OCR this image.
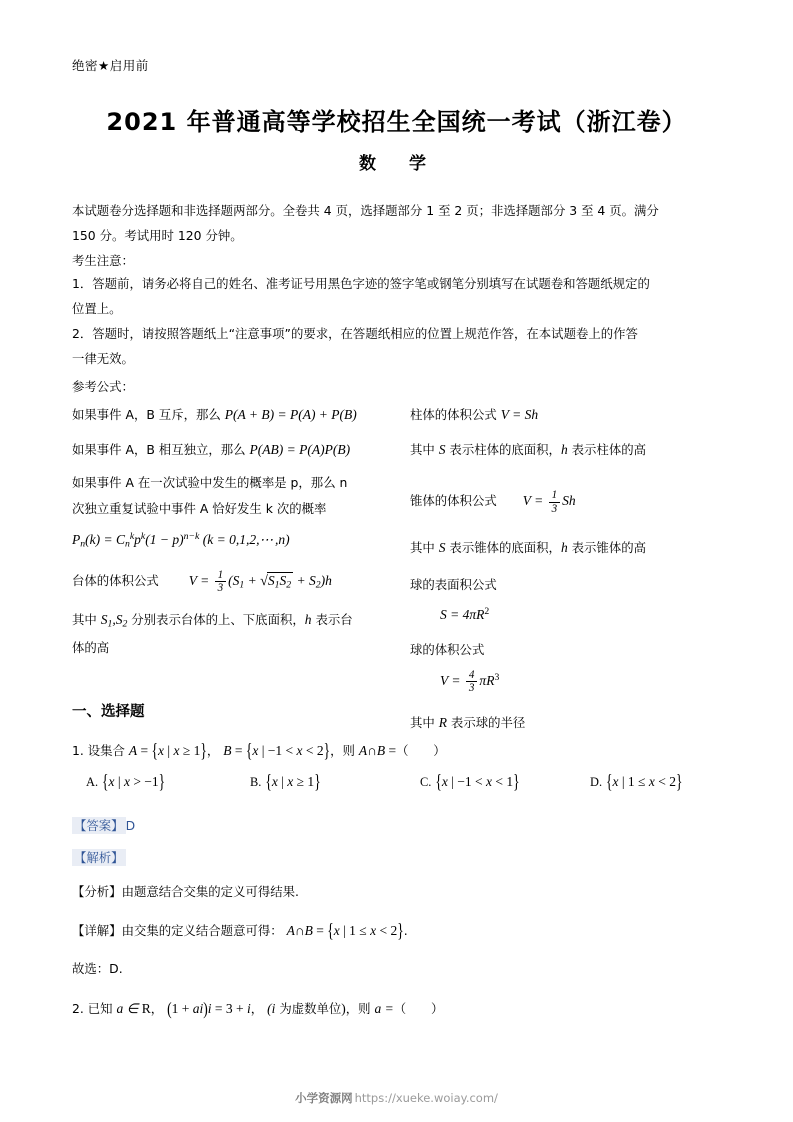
绝密★启用前
2021 年普通高等学校招生全国统一考试（浙江卷）
数　学

本试题卷分选择题和非选择题两部分。全卷共 4 页，选择题部分 1 至 2 页；非选择题部分 3 至 4 页。满分

150 分。考试用时 120 分钟。

考生注意：

1．答题前，请务必将自己的姓名、准考证号用黑色字迹的签字笔或钢笔分别填写在试题卷和答题纸规定的

位置上。

2．答题时，请按照答题纸上“注意事项”的要求，在答题纸相应的位置上规范作答，在本试题卷上的作答

一律无效。

参考公式：

如果事件 A，B 互斥，那么 P(A + B) = P(A) + P(B)
如果事件 A，B 相互独立，那么 P(AB) = P(A)P(B)
如果事件 A 在一次试验中发生的概率是 p，那么 n
次独立重复试验中事件 A 恰好发生 k 次的概率
$P_n(k) = C_n^kp^k(1 - p)^{n-k}$ (k = 0,1,2,⋯,n)
台体的体积公式 $V = \frac{1}{3} (S_1 + √S_1S_2 + S_2)h$
其中 $S_1,S_2$ 分别表示台体的上、下底面积，h 表示台
体的高
柱体的体积公式 V = Sh
其中 S 表示柱体的底面积，h 表示柱体的高
锥体的体积公式 $V = \frac{1}{3}$ Sh
其中 S 表示锥体的底面积，h 表示锥体的高
球的表面积公式
$S = 4\pi R^2$
球的体积公式
$V = \frac{4}{3} \pi R^3$
其中 R 表示球的半径
一、选择题
1. 设集合 A = {x | x ≥ 1}， B = {x | −1 < x < 2}，则 A∩B =（　　）
A. {x | x > −1}	B. {x | x ≥ 1}	C. {x | −1 < x < 1}	D. {x | 1 ≤ x < 2}
【答案】 D
【解析】
【分析】由题意结合交集的定义可得结果.
【详解】由交集的定义结合题意可得： A∩B = {x | 1 ≤ x < 2}.
故选：D.
2. 已知 a ∈ R， (1 + ai)i = 3 + i， (i 为虚数单位)，则 a =（　　）
小学资源网 https://xueke.woiay.com/
